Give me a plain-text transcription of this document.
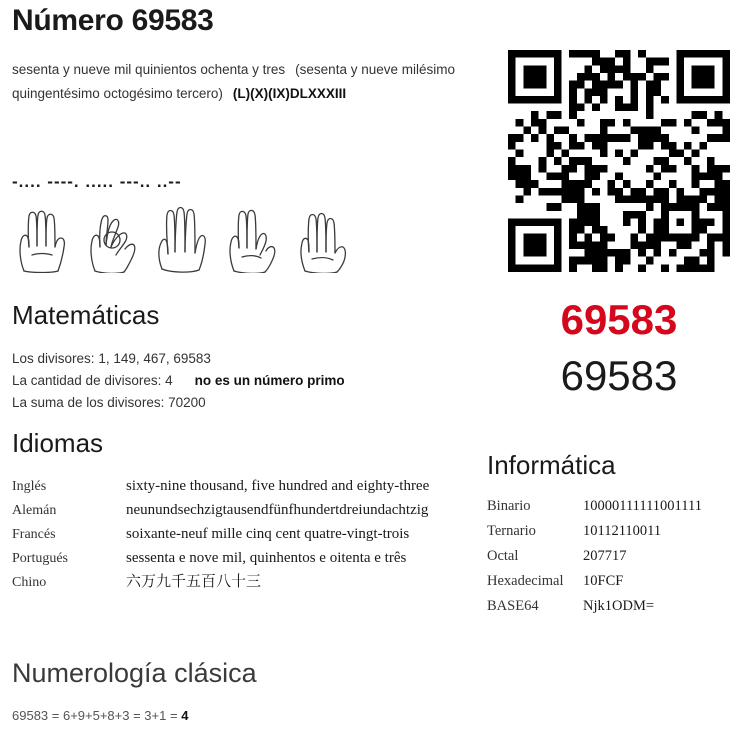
Número 69583
sesenta y nueve mil quinientos ochenta y tres (sesenta y nueve milésimo quingentésimo octogésimo tercero) (L)(X)(IX)DLXXXIII
-.... ----. ..... ---.. ..--
69583
69583
Matemáticas
Los divisores: 1, 149, 467, 69583
La cantidad de divisores: 4 no es un número primo
La suma de los divisores: 70200
Idiomas
Inglés	sixty-nine thousand, five hundred and eighty-three
Alemán	neunundsechzigtausendfünfhundertdreiundachtzig
Francés	soixante-neuf mille cinq cent quatre-vingt-trois
Portugués	sessenta e nove mil, quinhentos e oitenta e três
Chino	六万九千五百八十三
Informática
Binario	10000111111001111
Ternario	10112110011
Octal	207717
Hexadecimal	10FCF
BASE64	Njk1ODM=
Numerología clásica
69583 = 6+9+5+8+3 = 3+1 = 4
